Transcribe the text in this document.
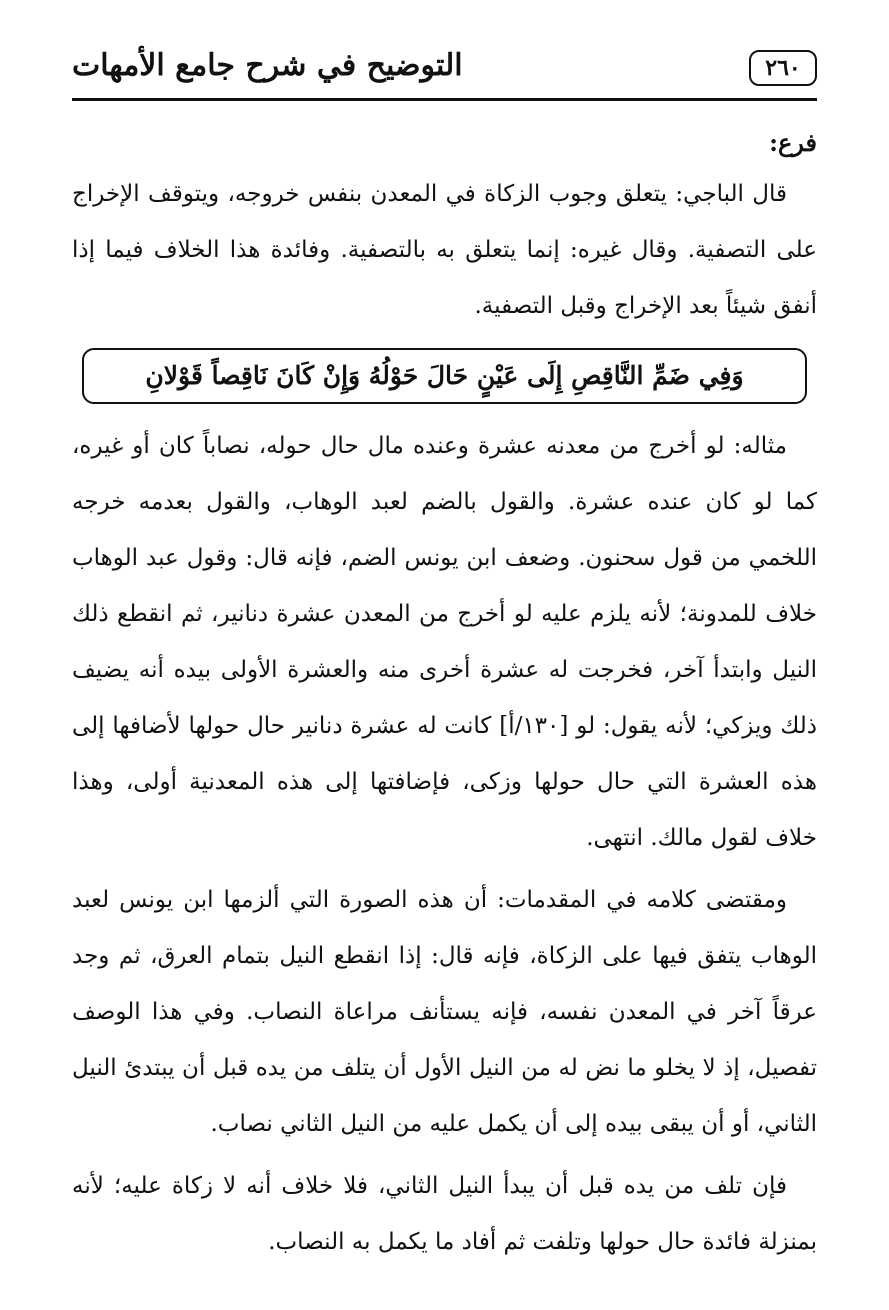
٢٦٠
التوضيح في شرح جامع الأمهات

فرع:

قال الباجي: يتعلق وجوب الزكاة في المعدن بنفس خروجه، ويتوقف الإخراج على التصفية. وقال غيره: إنما يتعلق به بالتصفية. وفائدة هذا الخلاف فيما إذا أنفق شيئاً بعد الإخراج وقبل التصفية.

وَفِي ضَمِّ النَّاقِصِ إِلَى عَيْنٍ حَالَ حَوْلُهُ وَإِنْ كَانَ نَاقِصاً قَوْلانِ

مثاله: لو أخرج من معدنه عشرة وعنده مال حال حوله، نصاباً كان أو غيره، كما لو كان عنده عشرة. والقول بالضم لعبد الوهاب، والقول بعدمه خرجه اللخمي من قول سحنون. وضعف ابن يونس الضم، فإنه قال: وقول عبد الوهاب خلاف للمدونة؛ لأنه يلزم عليه لو أخرج من المعدن عشرة دنانير، ثم انقطع ذلك النيل وابتدأ آخر، فخرجت له عشرة أخرى منه والعشرة الأولى بيده أنه يضيف ذلك ويزكي؛ لأنه يقول: لو [١٣٠/أ] كانت له عشرة دنانير حال حولها لأضافها إلى هذه العشرة التي حال حولها وزكى، فإضافتها إلى هذه المعدنية أولى، وهذا خلاف لقول مالك. انتهى.

ومقتضى كلامه في المقدمات: أن هذه الصورة التي ألزمها ابن يونس لعبد الوهاب يتفق فيها على الزكاة، فإنه قال: إذا انقطع النيل بتمام العرق، ثم وجد عرقاً آخر في المعدن نفسه، فإنه يستأنف مراعاة النصاب. وفي هذا الوصف تفصيل، إذ لا يخلو ما نض له من النيل الأول أن يتلف من يده قبل أن يبتدئ النيل الثاني، أو أن يبقى بيده إلى أن يكمل عليه من النيل الثاني نصاب.

فإن تلف من يده قبل أن يبدأ النيل الثاني، فلا خلاف أنه لا زكاة عليه؛ لأنه بمنزلة فائدة حال حولها وتلفت ثم أفاد ما يكمل به النصاب.
